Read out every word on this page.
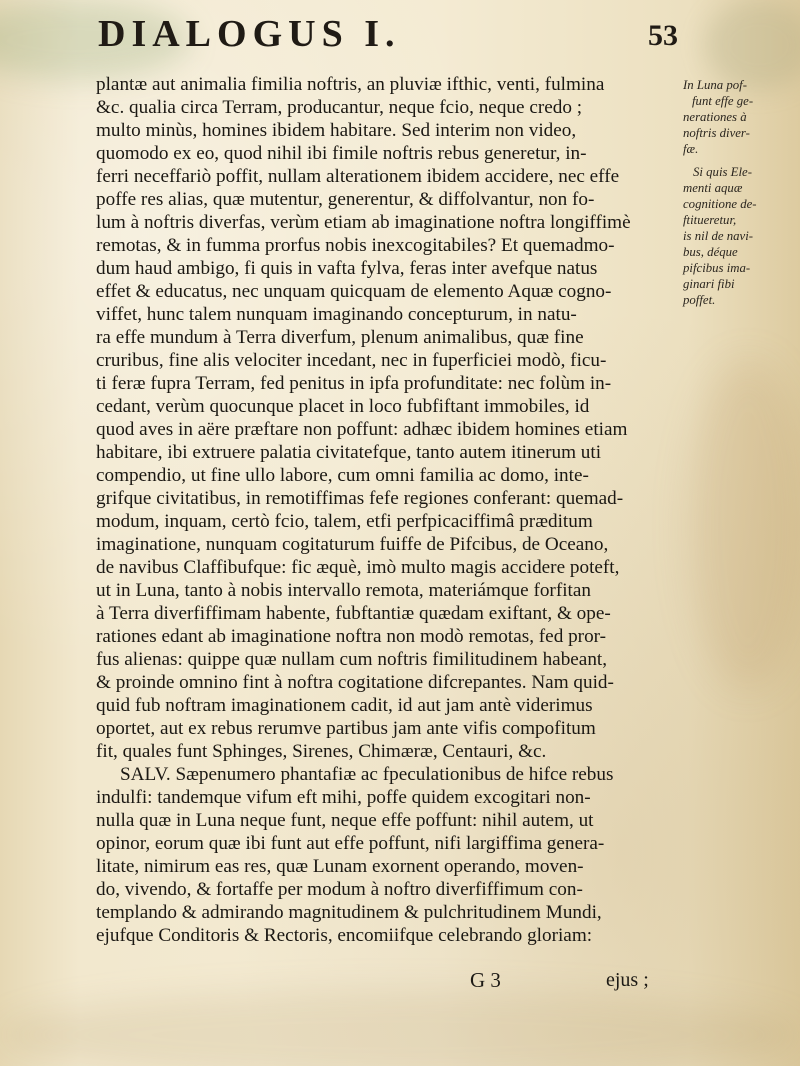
DIALOGUS I.	53
plantæ aut animalia fimilia noftris, an pluviæ ifthic, venti, fulmina
&c. qualia circa Terram, producantur, neque fcio, neque credo ;
multo minùs, homines ibidem habitare. Sed interim non video,
quomodo ex eo, quod nihil ibi fimile noftris rebus generetur, in-
ferri neceffariò poffit, nullam alterationem ibidem accidere, nec effe
poffe res alias, quæ mutentur, generentur, & diffolvantur, non fo-
lum à noftris diverfas, verùm etiam ab imaginatione noftra longiffimè
remotas, & in fumma prorfus nobis inexcogitabiles? Et quemadmo-
dum haud ambigo, fi quis in vafta fylva, feras inter avefque natus
effet & educatus, nec unquam quicquam de elemento Aquæ cogno-
viffet, hunc talem nunquam imaginando concepturum, in natu-
ra effe mundum à Terra diverfum, plenum animalibus, quæ fine
cruribus, fine alis velociter incedant, nec in fuperficiei modò, ficu-
ti feræ fupra Terram, fed penitus in ipfa profunditate: nec folùm in-
cedant, verùm quocunque placet in loco fubfiftant immobiles, id
quod aves in aëre præftare non poffunt: adhæc ibidem homines etiam
habitare, ibi extruere palatia civitatefque, tanto autem itinerum uti
compendio, ut fine ullo labore, cum omni familia ac domo, inte-
grifque civitatibus, in remotiffimas fefe regiones conferant: quemad-
modum, inquam, certò fcio, talem, etfi perfpicaciffimâ præditum
imaginatione, nunquam cogitaturum fuiffe de Pifcibus, de Oceano,
de navibus Claffibufque: fic æquè, imò multo magis accidere poteft,
ut in Luna, tanto à nobis intervallo remota, materiámque forfitan
à Terra diverfiffimam habente, fubftantiæ quædam exiftant, & ope-
rationes edant ab imaginatione noftra non modò remotas, fed pror-
fus alienas: quippe quæ nullam cum noftris fimilitudinem habeant,
& proinde omnino fint à noftra cogitatione difcrepantes. Nam quid-
quid fub noftram imaginationem cadit, id aut jam antè viderimus
oportet, aut ex rebus rerumve partibus jam ante vifis compofitum
fit, quales funt Sphinges, Sirenes, Chimæræ, Centauri, &c.
SALV. Sæpenumero phantafiæ ac fpeculationibus de hifce rebus
indulfi: tandemque vifum eft mihi, poffe quidem excogitari non-
nulla quæ in Luna neque funt, neque effe poffunt: nihil autem, ut
opinor, eorum quæ ibi funt aut effe poffunt, nifi largiffima genera-
litate, nimirum eas res, quæ Lunam exornent operando, moven-
do, vivendo, & fortaffe per modum à noftro diverfiffimum con-
templando & admirando magnitudinem & pulchritudinem Mundi,
ejufque Conditoris & Rectoris, encomiifque celebrando gloriam:
In Luna pof-
funt effe ge-
nerationes à
noftris diver-
fæ.
Si quis Ele-
menti aquæ
cognitione de-
ftitueretur,
is nil de navi-
bus, déque
pifcibus ima-
ginari fibi
poffet.
G 3	ejus ;
